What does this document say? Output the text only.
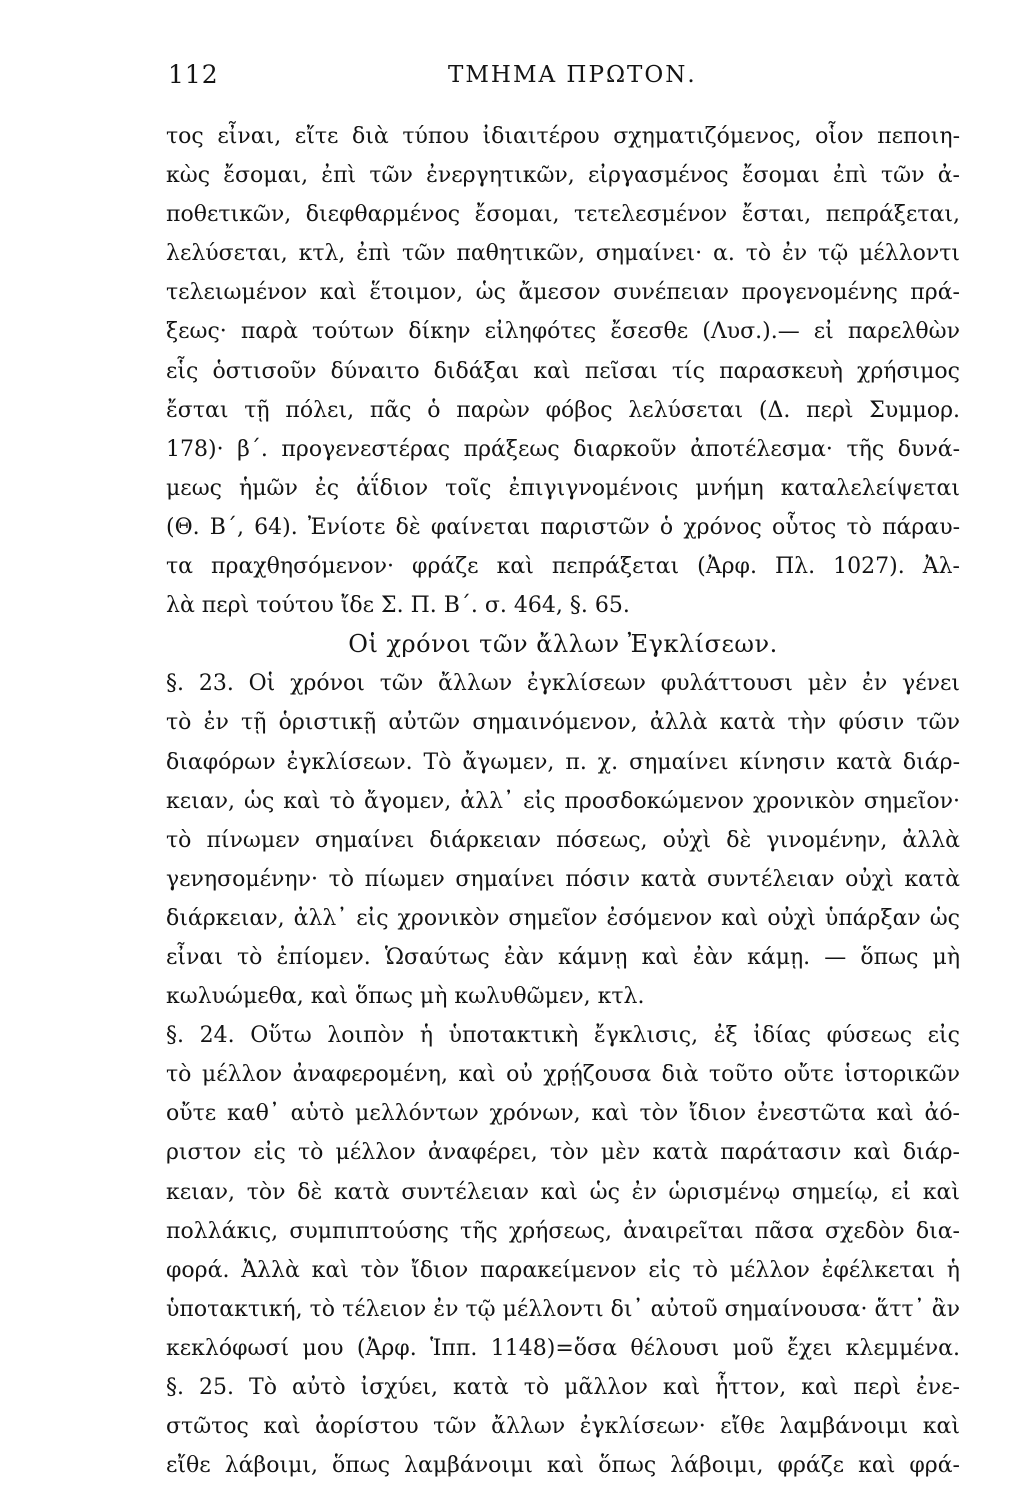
112	ΤΜΗΜΑ ΠΡΩΤΟΝ.
τος εἶναι, εἴτε διὰ τύπου ἰδιαιτέρου σχηματιζόμενος, οἷον πεποιη-
κὼς ἔσομαι, ἐπὶ τῶν ἐνεργητικῶν, εἰργασμένος ἔσομαι ἐπὶ τῶν ἀ-
ποθετικῶν, διεφθαρμένος ἔσομαι, τετελεσμένον ἔσται, πεπράξεται,
λελύσεται, κτλ, ἐπὶ τῶν παθητικῶν, σημαίνει· α. τὸ ἐν τῷ μέλλοντι
τελειωμένον καὶ ἕτοιμον, ὡς ἄμεσον συνέπειαν προγενομένης πρά-
ξεως· παρὰ τούτων δίκην εἰληφότες ἔσεσθε (Λυσ.).— εἰ παρελθὼν
εἷς ὁστισοῦν δύναιτο διδάξαι καὶ πεῖσαι τίς παρασκευὴ χρήσιμος
ἔσται τῇ πόλει, πᾶς ὁ παρὼν φόβος λελύσεται (Δ. περὶ Συμμορ.
178)· β΄. προγενεστέρας πράξεως διαρκοῦν ἀποτέλεσμα· τῆς δυνά-
μεως ἡμῶν ἐς ἀΐδιον τοῖς ἐπιγιγνομένοις μνήμη καταλελείψεται
(Θ. Β΄, 64). Ἐνίοτε δὲ φαίνεται παριστῶν ὁ χρόνος οὗτος τὸ πάραυ-
τα πραχθησόμενον· φράζε καὶ πεπράξεται (Ἀρφ. Πλ. 1027). Ἀλ-
λὰ περὶ τούτου ἴδε Σ. Π. Β΄. σ. 464, §. 65.
Οἱ χρόνοι τῶν ἄλλων Ἐγκλίσεων.
§. 23. Οἱ χρόνοι τῶν ἄλλων ἐγκλίσεων φυλάττουσι μὲν ἐν γένει
τὸ ἐν τῇ ὁριστικῇ αὐτῶν σημαινόμενον, ἀλλὰ κατὰ τὴν φύσιν τῶν
διαφόρων ἐγκλίσεων. Τὸ ἄγωμεν, π. χ. σημαίνει κίνησιν κατὰ διάρ-
κειαν, ὡς καὶ τὸ ἄγομεν, ἀλλ᾽ εἰς προσδοκώμενον χρονικὸν σημεῖον·
τὸ πίνωμεν σημαίνει διάρκειαν πόσεως, οὐχὶ δὲ γινομένην, ἀλλὰ
γενησομένην· τὸ πίωμεν σημαίνει πόσιν κατὰ συντέλειαν οὐχὶ κατὰ
διάρκειαν, ἀλλ᾽ εἰς χρονικὸν σημεῖον ἐσόμενον καὶ οὐχὶ ὑπάρξαν ὡς
εἶναι τὸ ἐπίομεν. Ὡσαύτως ἐὰν κάμνῃ καὶ ἐὰν κάμῃ. — ὅπως μὴ
κωλυώμεθα, καὶ ὅπως μὴ κωλυθῶμεν, κτλ.
§. 24. Οὕτω λοιπὸν ἡ ὑποτακτικὴ ἔγκλισις, ἐξ ἰδίας φύσεως εἰς
τὸ μέλλον ἀναφερομένη, καὶ οὐ χρῄζουσα διὰ τοῦτο οὔτε ἱστορικῶν
οὔτε καθ᾽ αὑτὸ μελλόντων χρόνων, καὶ τὸν ἴδιον ἐνεστῶτα καὶ ἀό-
ριστον εἰς τὸ μέλλον ἀναφέρει, τὸν μὲν κατὰ παράτασιν καὶ διάρ-
κειαν, τὸν δὲ κατὰ συντέλειαν καὶ ὡς ἐν ὡρισμένῳ σημείῳ, εἰ καὶ
πολλάκις, συμπιπτούσης τῆς χρήσεως, ἀναιρεῖται πᾶσα σχεδὸν δια-
φορά. Ἀλλὰ καὶ τὸν ἴδιον παρακείμενον εἰς τὸ μέλλον ἐφέλκεται ἡ
ὑποτακτική, τὸ τέλειον ἐν τῷ μέλλοντι δι᾽ αὐτοῦ σημαίνουσα· ἅττ᾽ ἂν
κεκλόφωσί μου (Ἀρφ. Ἱππ. 1148)=ὅσα θέλουσι μοῦ ἔχει κλεμμένα.
§. 25. Τὸ αὐτὸ ἰσχύει, κατὰ τὸ μᾶλλον καὶ ἧττον, καὶ περὶ ἐνε-
στῶτος καὶ ἀορίστου τῶν ἄλλων ἐγκλίσεων· εἴθε λαμβάνοιμι καὶ
εἴθε λάβοιμι, ὅπως λαμβάνοιμι καὶ ὅπως λάβοιμι, φράζε καὶ φρά-
